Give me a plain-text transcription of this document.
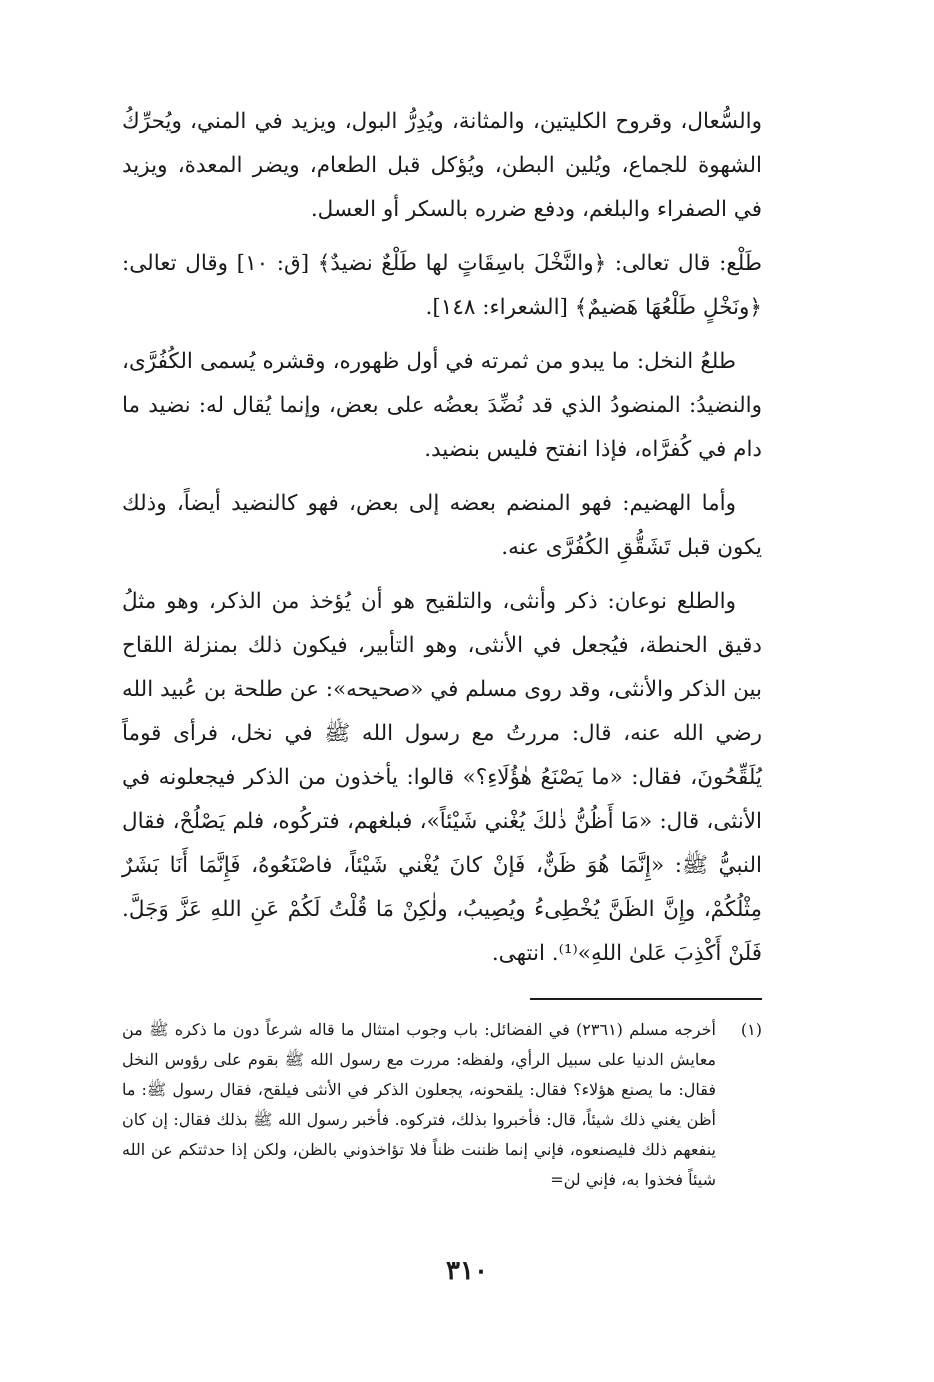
والسُّعال، وقروح الكليتين، والمثانة، ويُدِرُّ البول، ويزيد في المني، ويُحرِّكُ الشهوة للجماع، ويُلين البطن، ويُؤكل قبل الطعام، ويضر المعدة، ويزيد في الصفراء والبلغم، ودفع ضرره بالسكر أو العسل.

طَلْع: قال تعالى: ﴿والنَّخْلَ باسِقَاتٍ لها طَلْعٌ نضيدٌ﴾ [ق: ١٠] وقال تعالى: ﴿ونَخْلٍ طَلْعُهَا هَضيمٌ﴾ [الشعراء: ١٤٨].

طلعُ النخل: ما يبدو من ثمرته في أول ظهوره، وقشره يُسمى الكُفُرَّى، والنضيدُ: المنضودُ الذي قد نُضِّدَ بعضُه على بعض، وإنما يُقال له: نضيد ما دام في كُفرَّاه، فإذا انفتح فليس بنضيد.

وأما الهضيم: فهو المنضم بعضه إلى بعض، فهو كالنضيد أيضاً، وذلك يكون قبل تَشَقُّقِ الكُفُرَّى عنه.

والطلع نوعان: ذكر وأنثى، والتلقيح هو أن يُؤخذ من الذكر، وهو مثلُ دقيق الحنطة، فيُجعل في الأنثى، وهو التأبير، فيكون ذلك بمنزلة اللقاح بين الذكر والأنثى، وقد روى مسلم في «صحيحه»: عن طلحة بن عُبيد الله رضي الله عنه، قال: مررتُ مع رسول الله ﷺ في نخل، فرأى قوماً يُلَقِّحُونَ، فقال: «ما يَصْنَعُ هٰؤُلَاءِ؟» قالوا: يأخذون من الذكر فيجعلونه في الأنثى، قال: «مَا أَظُنُّ ذٰلكَ يُغْني شَيْئاً»، فبلغهم، فتركُوه، فلم يَصْلُحْ، فقال النبيُّ ﷺ: «إِنَّمَا هُوَ ظَنٌّ، فَإنْ كانَ يُغْني شَيْئاً، فاصْنَعُوهُ، فَإِنَّمَا أَنَا بَشَرٌ مِثْلُكُمْ، وإِنَّ الظَنَّ يُخْطِىءُ ويُصِيبُ، ولٰكِنْ مَا قُلْتُ لَكُمْ عَنِ اللهِ عَزَّ وَجَلَّ. فَلَنْ أَكْذِبَ عَلىٰ اللهِ»⁽¹⁾. انتهى.

(١)
أخرجه مسلم (٢٣٦١) في الفضائل: باب وجوب امتثال ما قاله شرعاً دون ما ذكره ﷺ من معايش الدنيا على سبيل الرأي، ولفظه: مررت مع رسول الله ﷺ بقوم على رؤوس النخل فقال: ما يصنع هؤلاء؟ فقال: يلقحونه، يجعلون الذكر في الأنثى فيلقح، فقال رسول ﷺ: ما أظن يغني ذلك شيئاً، قال: فأخبروا بذلك، فتركوه. فأخبر رسول الله ﷺ بذلك فقال: إن كان ينفعهم ذلك فليصنعوه، فإني إنما ظننت ظناً فلا تؤاخذوني بالظن، ولكن إذا حدثتكم عن الله شيئاً فخذوا به، فإني لن=
٣١٠
